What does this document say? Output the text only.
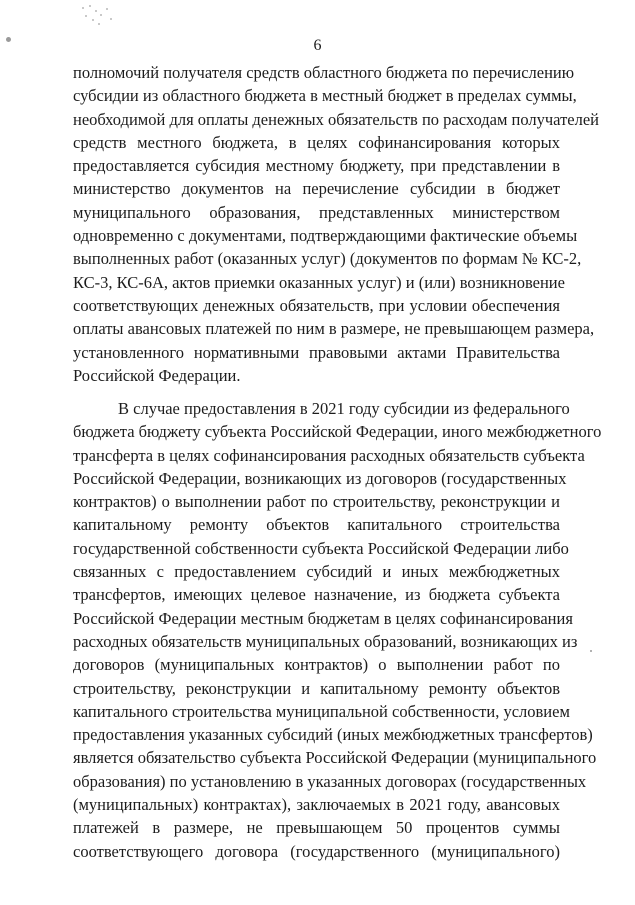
6
полномочий получателя средств областного бюджета по перечислению
субсидии из областного бюджета в местный бюджет в пределах суммы,
необходимой для оплаты денежных обязательств по расходам получателей
средств местного бюджета, в целях софинансирования которых
предоставляется субсидия местному бюджету, при представлении в
министерство документов на перечисление субсидии в бюджет
муниципального образования, представленных министерством
одновременно с документами, подтверждающими фактические объемы
выполненных работ (оказанных услуг) (документов по формам № КС-2,
КС-3, КС-6А, актов приемки оказанных услуг) и (или) возникновение
соответствующих денежных обязательств, при условии обеспечения
оплаты авансовых платежей по ним в размере, не превышающем размера,
установленного нормативными правовыми актами Правительства
Российской Федерации.
В случае предоставления в 2021 году субсидии из федерального
бюджета бюджету субъекта Российской Федерации, иного межбюджетного
трансферта в целях софинансирования расходных обязательств субъекта
Российской Федерации, возникающих из договоров (государственных
контрактов) о выполнении работ по строительству, реконструкции и
капитальному ремонту объектов капитального строительства
государственной собственности субъекта Российской Федерации либо
связанных с предоставлением субсидий и иных межбюджетных
трансфертов, имеющих целевое назначение, из бюджета субъекта
Российской Федерации местным бюджетам в целях софинансирования
расходных обязательств муниципальных образований, возникающих из
договоров (муниципальных контрактов) о выполнении работ по
строительству, реконструкции и капитальному ремонту объектов
капитального строительства муниципальной собственности, условием
предоставления указанных субсидий (иных межбюджетных трансфертов)
является обязательство субъекта Российской Федерации (муниципального
образования) по установлению в указанных договорах (государственных
(муниципальных) контрактах), заключаемых в 2021 году, авансовых
платежей в размере, не превышающем 50 процентов суммы
соответствующего договора (государственного (муниципального)
